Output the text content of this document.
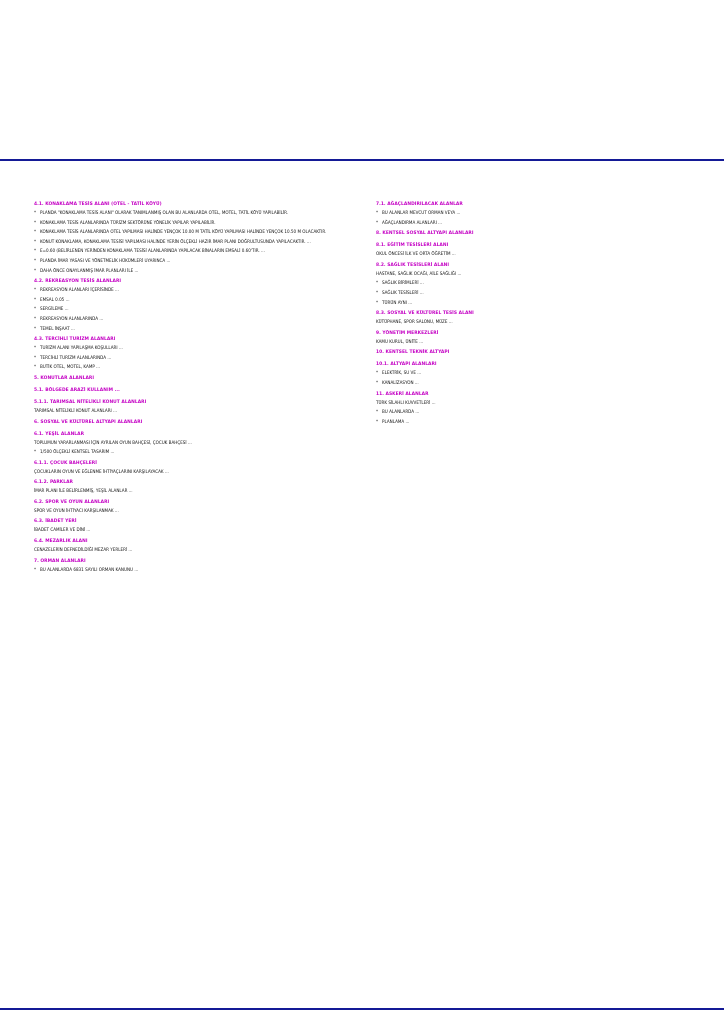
4.1. KONAKLAMA TESİS ALANI (OTEL - TATİL KÖYÜ)
* PLANDA "KONAKLAMA TESİS ALANI" OLARAK TANIMLANMIŞ OLAN BU ALANLARDA OTEL, MOTEL, TATİL KÖYÜ YAPILABİLİR.
* KONAKLAMA TESİS ALANLARINDA TÜRİZM SEKTÖRÜNE YÖNELİK YAPILAR YAPILABİLİR.
* KONAKLAMA TESİS ALANLARINDA OTEL YAPILMASI HALİNDE YENÇOK 10.00 M TATİL KÖYÜ YAPILMASI HALİNDE YENÇOK 10.50 M OLACAKTIR.
* KONUT KONAKLAMA, KONAKLAMA TESİSİ YAPILMASI HALİNDE YERİN ÖLÇEKLİ HAZIR İMAR PLANI DOĞRULTUSUNDA YAPILACAKTIR. ...
* E=0.60 (BELİRLENEN YERİNDEN KONAKLAMA TESİSİ ALANLARINDA YAPILACAK BİNALARIN EMSALİ 0.60'TIR. ...
* PLANDA İMAR YASASI VE YÖNETMELİK HÜKÜMLERİ UYARINCA ...
* DAHA ÖNCE ONAYLANMIŞ İMAR PLANLARI İLE ...
4.2. REKREASYON TESİS ALANLARI
* REKREASYON ALANLARI İÇERİSİNDE ...
* EMSAL 0.05 ...
* SERGİLEME ...
* REKREASYON ALANLARINDA ...
* TEMEL İNŞAAT ...
4.3. TERCİHLİ TURİZM ALANLARI
* TURİZM ALANI YAPILAŞMA KOŞULLARI ...
* TERCİHLİ TURİZM ALANLARINDA ...
* BUTİK OTEL, MOTEL, KAMP ...
5. KONUTLAR ALANLARI
5.1. BÖLGEDE ARAZİ KULLANIM ...
5.1.1. TARIMSAL NİTELİKLİ KONUT ALANLARI
TARIMSAL NİTELİKLİ KONUT ALANLARI ...
6. SOSYAL VE KÜLTÜREL ALTYAPI ALANLARI
6.1. YEŞİL ALANLAR
TOPLUMUN YARARLANMASI İÇİN AYRILAN OYUN BAHÇESİ, ÇOCUK BAHÇESİ ...
* 1/500 ÖLÇEKLİ KENTSEL TASARIM ...
6.1.1. ÇOCUK BAHÇELERİ
ÇOCUKLARIN OYUN VE EĞLENME İHTİYAÇLARINI KARŞILAYACAK ...
6.1.2. PARKLAR
İMAR PLANI İLE BELİRLENMİŞ, YEŞİL ALANLAR ...
6.2. SPOR VE OYUN ALANLARI
SPOR VE OYUN İHTİYACI KARŞILANMAK ...
6.3. İBADET YERİ
İBADET CAMİLER VE DİNİ ...
6.4. MEZARLIK ALANI
CENAZELERİN DEFNEDİLDİĞİ MEZAR YERLERİ ...
7. ORMAN ALANLARI
* BU ALANLARDA 6831 SAYILI ORMAN KANUNU ...
7.1. AĞAÇLANDIRILACAK ALANLAR
* BU ALANLAR MEVCUT ORMAN VEYA ...
* AĞAÇLANDIRMA ALANLARI ...
8. KENTSEL SOSYAL ALTYAPI ALANLARI
8.1. EĞİTİM TESİSLERİ ALANI
OKUL ÖNCESİ İLK VE ORTA ÖĞRETİM ...
8.2. SAĞLIK TESİSLERİ ALANI
HASTANE, SAĞLIK OCAĞI, AİLE SAĞLIĞI ...
* SAĞLIK BİRİMLERİ ...
* SAĞLIK TESİSLERİ ...
* TÜRÜN AYNI ...
8.3. SOSYAL VE KÜLTÜREL TESİS ALANI
KÜTÜPHANE, SPOR SALONU, MÜZE ...
9. YÖNETİM MERKEZLERİ
KAMU KURUL, ÜNİTE ...
10. KENTSEL TEKNİK ALTYAPI
10.1. ALTYAPI ALANLARI
* ELEKTRİK, SU VE ...
* KANALİZASYON ...
11. ASKERİ ALANLAR
TÜRK SİLAHLI KUVVETLERİ ...
* BU ALANLARDA ...
* PLANLAMA ...
